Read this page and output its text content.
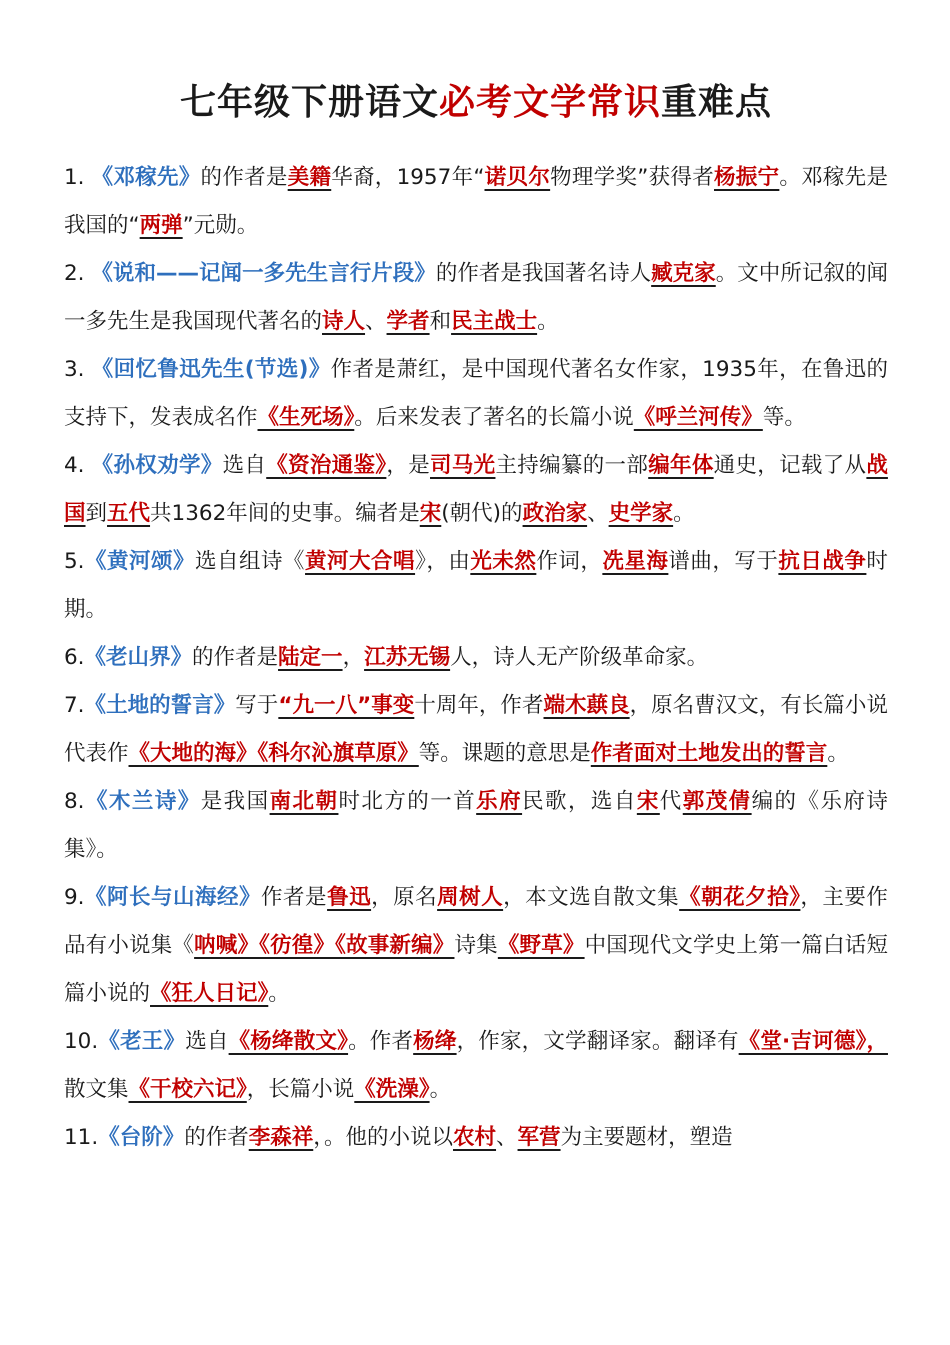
七年级下册语文必考文学常识重难点

1. 《邓稼先》的作者是美籍华裔，1957年“诺贝尔物理学奖”获得者杨振宁。邓稼先是我国的“两弹”元勋。

2. 《说和——记闻一多先生言行片段》的作者是我国著名诗人臧克家。文中所记叙的闻一多先生是我国现代著名的诗人、学者和民主战士。

3. 《回忆鲁迅先生(节选)》作者是萧红，是中国现代著名女作家，1935年，在鲁迅的支持下，发表成名作《生死场》。后来发表了著名的长篇小说《呼兰河传》等。

4. 《孙权劝学》选自《资治通鉴》，是司马光主持编纂的一部编年体通史，记载了从战国到五代共1362年间的史事。编者是宋(朝代)的政治家、史学家。

5.《黄河颂》选自组诗《黄河大合唱》，由光未然作词，冼星海谱曲，写于抗日战争时期。

6.《老山界》的作者是陆定一，江苏无锡人，诗人无产阶级革命家。

7.《土地的誓言》写于“九一八”事变十周年，作者端木蕻良，原名曹汉文，有长篇小说代表作《大地的海》《科尔沁旗草原》等。课题的意思是作者面对土地发出的誓言。

8.《木兰诗》是我国南北朝时北方的一首乐府民歌，选自宋代郭茂倩编的《乐府诗集》。

9.《阿长与山海经》作者是鲁迅，原名周树人，本文选自散文集《朝花夕拾》，主要作品有小说集《呐喊》《彷徨》《故事新编》诗集《野草》中国现代文学史上第一篇白话短篇小说的《狂人日记》。

10.《老王》选自《杨绛散文》。作者杨绛，作家，文学翻译家。翻译有《堂·吉诃德》，散文集《干校六记》，长篇小说《洗澡》。

11.《台阶》的作者李森祥，。他的小说以农村、军营为主要题材，塑造
